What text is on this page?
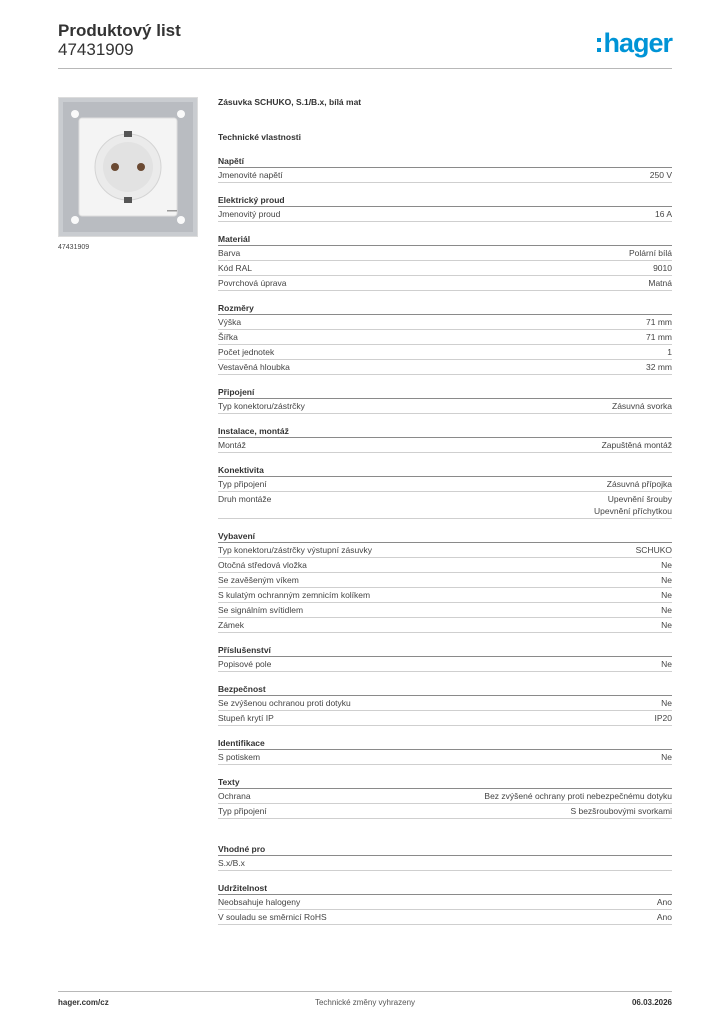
Produktový list
47431909	hager
47431909
Zásuvka SCHUKO, S.1/B.x, bílá mat
Technické vlastnosti
Napětí
Jmenovité napětí	250 V
Elektrický proud
Jmenovitý proud	16 A
Materiál
Barva	Polární bílá
Kód RAL	9010
Povrchová úprava	Matná
Rozměry
Výška	71 mm
Šířka	71 mm
Počet jednotek	1
Vestavěná hloubka	32 mm
Připojení
Typ konektoru/zástrčky	Zásuvná svorka
Instalace, montáž
Montáž	Zapuštěná montáž
Konektivita
Typ připojení	Zásuvná přípojka
Druh montáže	Upevnění šrouby
Upevnění příchytkou
Vybavení
Typ konektoru/zástrčky výstupní zásuvky	SCHUKO
Otočná středová vložka	Ne
Se zavěšeným víkem	Ne
S kulatým ochranným zemnicím kolíkem	Ne
Se signálním svítidlem	Ne
Zámek	Ne
Příslušenství
Popisové pole	Ne
Bezpečnost
Se zvýšenou ochranou proti dotyku	Ne
Stupeň krytí IP	IP20
Identifikace
S potiskem	Ne
Texty
Ochrana	Bez zvýšené ochrany proti nebezpečnému dotyku
Typ připojení	S bezšroubovými svorkami
Vhodné pro
S.x/B.x
Udržitelnost
Neobsahuje halogeny	Ano
V souladu se směrnicí RoHS	Ano
hager.com/cz	Technické změny vyhrazeny	06.03.2026
